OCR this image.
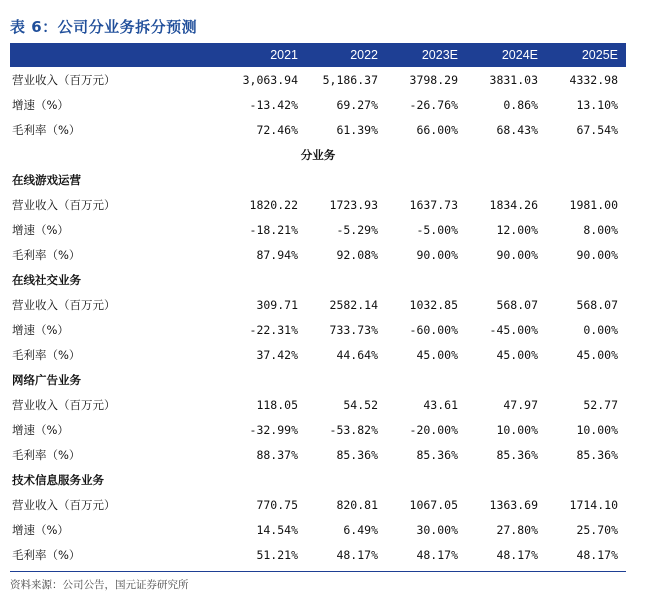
表 6：公司分业务拆分预测
2021	2022	2023E	2024E	2025E
营业收入（百万元）	3,063.94	5,186.37	3798.29	3831.03	4332.98
增速（%）	-13.42%	69.27%	-26.76%	0.86%	13.10%
毛利率（%）	72.46%	61.39%	66.00%	68.43%	67.54%
分业务
在线游戏运营
营业收入（百万元）	1820.22	1723.93	1637.73	1834.26	1981.00
增速（%）	-18.21%	-5.29%	-5.00%	12.00%	8.00%
毛利率（%）	87.94%	92.08%	90.00%	90.00%	90.00%
在线社交业务
营业收入（百万元）	309.71	2582.14	1032.85	568.07	568.07
增速（%）	-22.31%	733.73%	-60.00%	-45.00%	0.00%
毛利率（%）	37.42%	44.64%	45.00%	45.00%	45.00%
网络广告业务
营业收入（百万元）	118.05	54.52	43.61	47.97	52.77
增速（%）	-32.99%	-53.82%	-20.00%	10.00%	10.00%
毛利率（%）	88.37%	85.36%	85.36%	85.36%	85.36%
技术信息服务业务
营业收入（百万元）	770.75	820.81	1067.05	1363.69	1714.10
增速（%）	14.54%	6.49%	30.00%	27.80%	25.70%
毛利率（%）	51.21%	48.17%	48.17%	48.17%	48.17%
资料来源：公司公告，国元证券研究所
